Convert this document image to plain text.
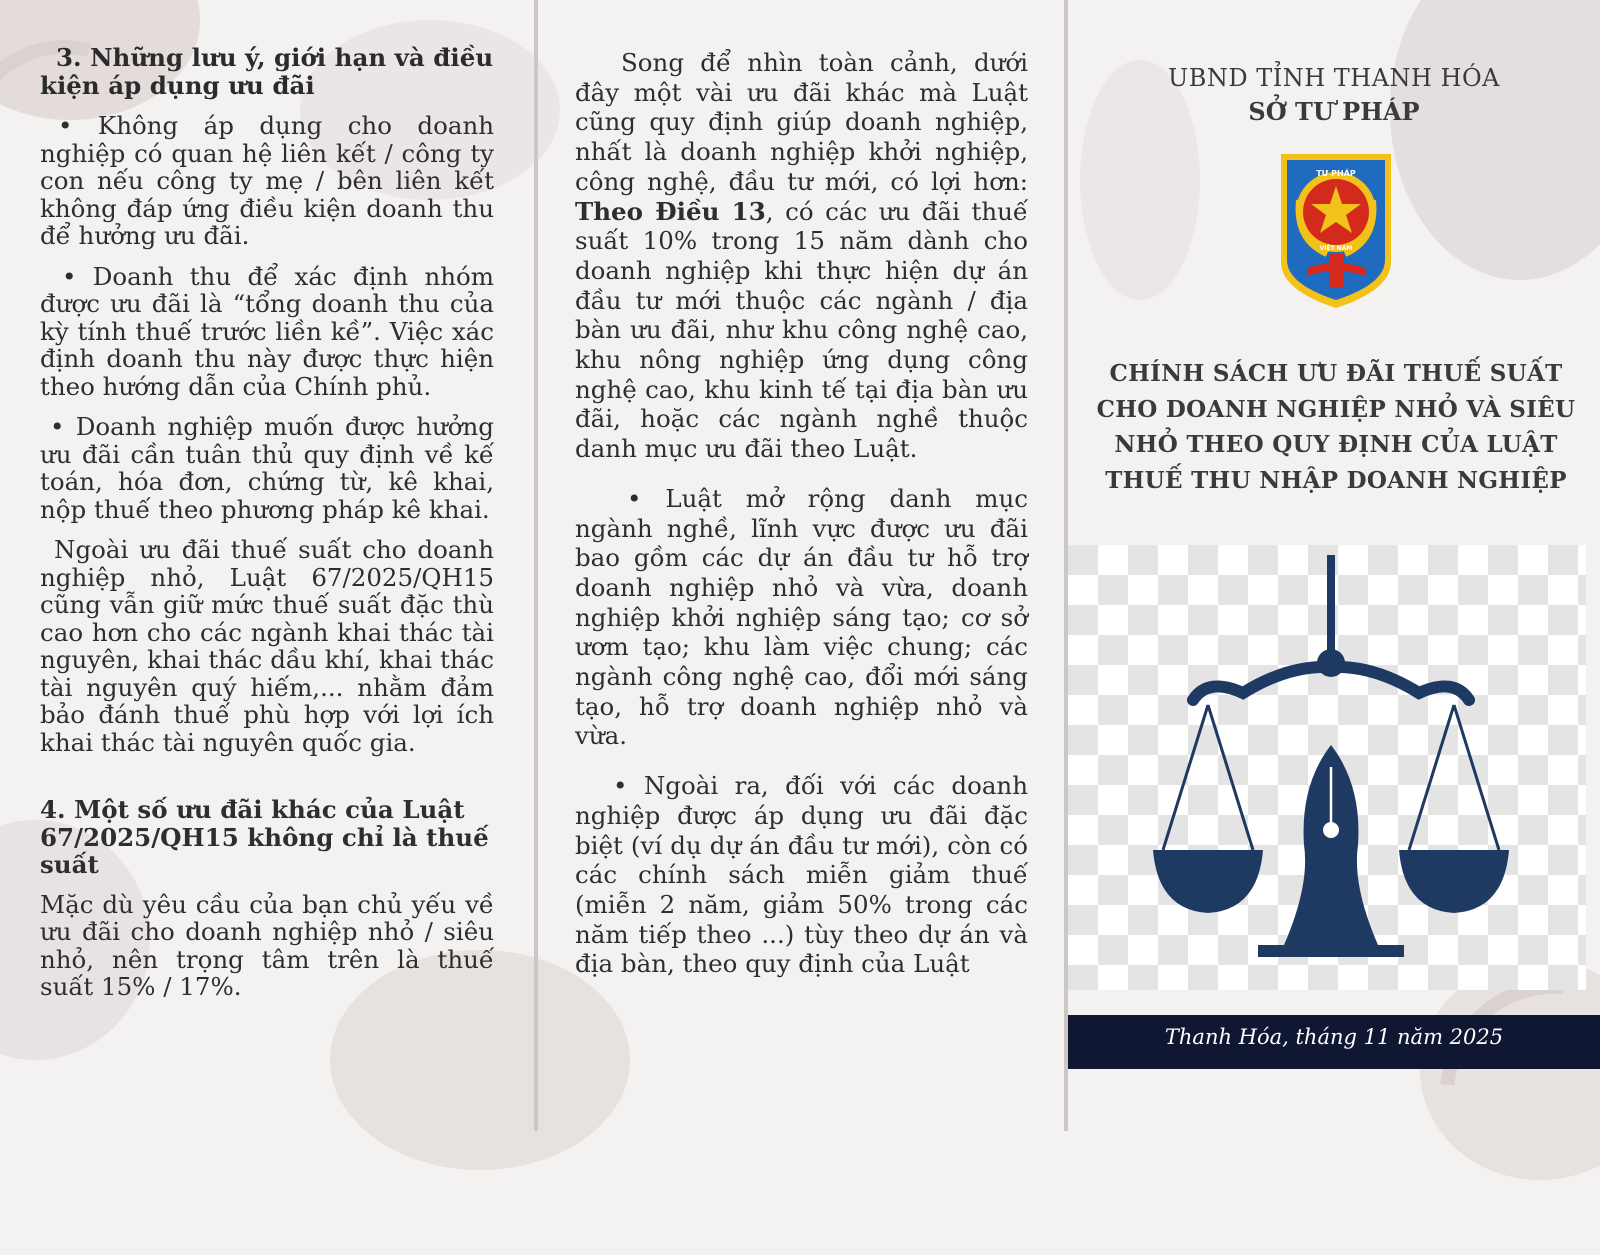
3. Những lưu ý, giới hạn và điều kiện áp dụng ưu đãi

• Không áp dụng cho doanh nghiệp có quan hệ liên kết / công ty con nếu công ty mẹ / bên liên kết không đáp ứng điều kiện doanh thu để hưởng ưu đãi.

• Doanh thu để xác định nhóm được ưu đãi là “tổng doanh thu của kỳ tính thuế trước liền kề”. Việc xác định doanh thu này được thực hiện theo hướng dẫn của Chính phủ.

• Doanh nghiệp muốn được hưởng ưu đãi cần tuân thủ quy định về kế toán, hóa đơn, chứng từ, kê khai, nộp thuế theo phương pháp kê khai.

Ngoài ưu đãi thuế suất cho doanh nghiệp nhỏ, Luật 67/2025/QH15 cũng vẫn giữ mức thuế suất đặc thù cao hơn cho các ngành khai thác tài nguyên, khai thác dầu khí, khai thác tài nguyên quý hiếm,... nhằm đảm bảo đánh thuế phù hợp với lợi ích khai thác tài nguyên quốc gia.

4. Một số ưu đãi khác của Luật 67/2025/QH15 không chỉ là thuế suất

Mặc dù yêu cầu của bạn chủ yếu về ưu đãi cho doanh nghiệp nhỏ / siêu nhỏ, nên trọng tâm trên là thuế suất 15% / 17%.

Song để nhìn toàn cảnh, dưới đây một vài ưu đãi khác mà Luật cũng quy định giúp doanh nghiệp, nhất là doanh nghiệp khởi nghiệp, công nghệ, đầu tư mới, có lợi hơn: Theo Điều 13, có các ưu đãi thuế suất 10% trong 15 năm dành cho doanh nghiệp khi thực hiện dự án đầu tư mới thuộc các ngành / địa bàn ưu đãi, như khu công nghệ cao, khu nông nghiệp ứng dụng công nghệ cao, khu kinh tế tại địa bàn ưu đãi, hoặc các ngành nghề thuộc danh mục ưu đãi theo Luật.

• Luật mở rộng danh mục ngành nghề, lĩnh vực được ưu đãi bao gồm các dự án đầu tư hỗ trợ doanh nghiệp nhỏ và vừa, doanh nghiệp khởi nghiệp sáng tạo; cơ sở ươm tạo; khu làm việc chung; các ngành công nghệ cao, đổi mới sáng tạo, hỗ trợ doanh nghiệp nhỏ và vừa.

• Ngoài ra, đối với các doanh nghiệp được áp dụng ưu đãi đặc biệt (ví dụ dự án đầu tư mới), còn có các chính sách miễn giảm thuế (miễn 2 năm, giảm 50% trong các năm tiếp theo ...) tùy theo dự án và địa bàn, theo quy định của Luật

UBND TỈNH THANH HÓA
SỞ TƯ PHÁP
TƯ PHÁP
VIỆT NAM
CHÍNH SÁCH ƯU ĐÃI THUẾ SUẤT CHO DOANH NGHIỆP NHỎ VÀ SIÊU NHỎ THEO QUY ĐỊNH CỦA LUẬT THUẾ THU NHẬP DOANH NGHIỆP
Thanh Hóa, tháng 11 năm 2025
